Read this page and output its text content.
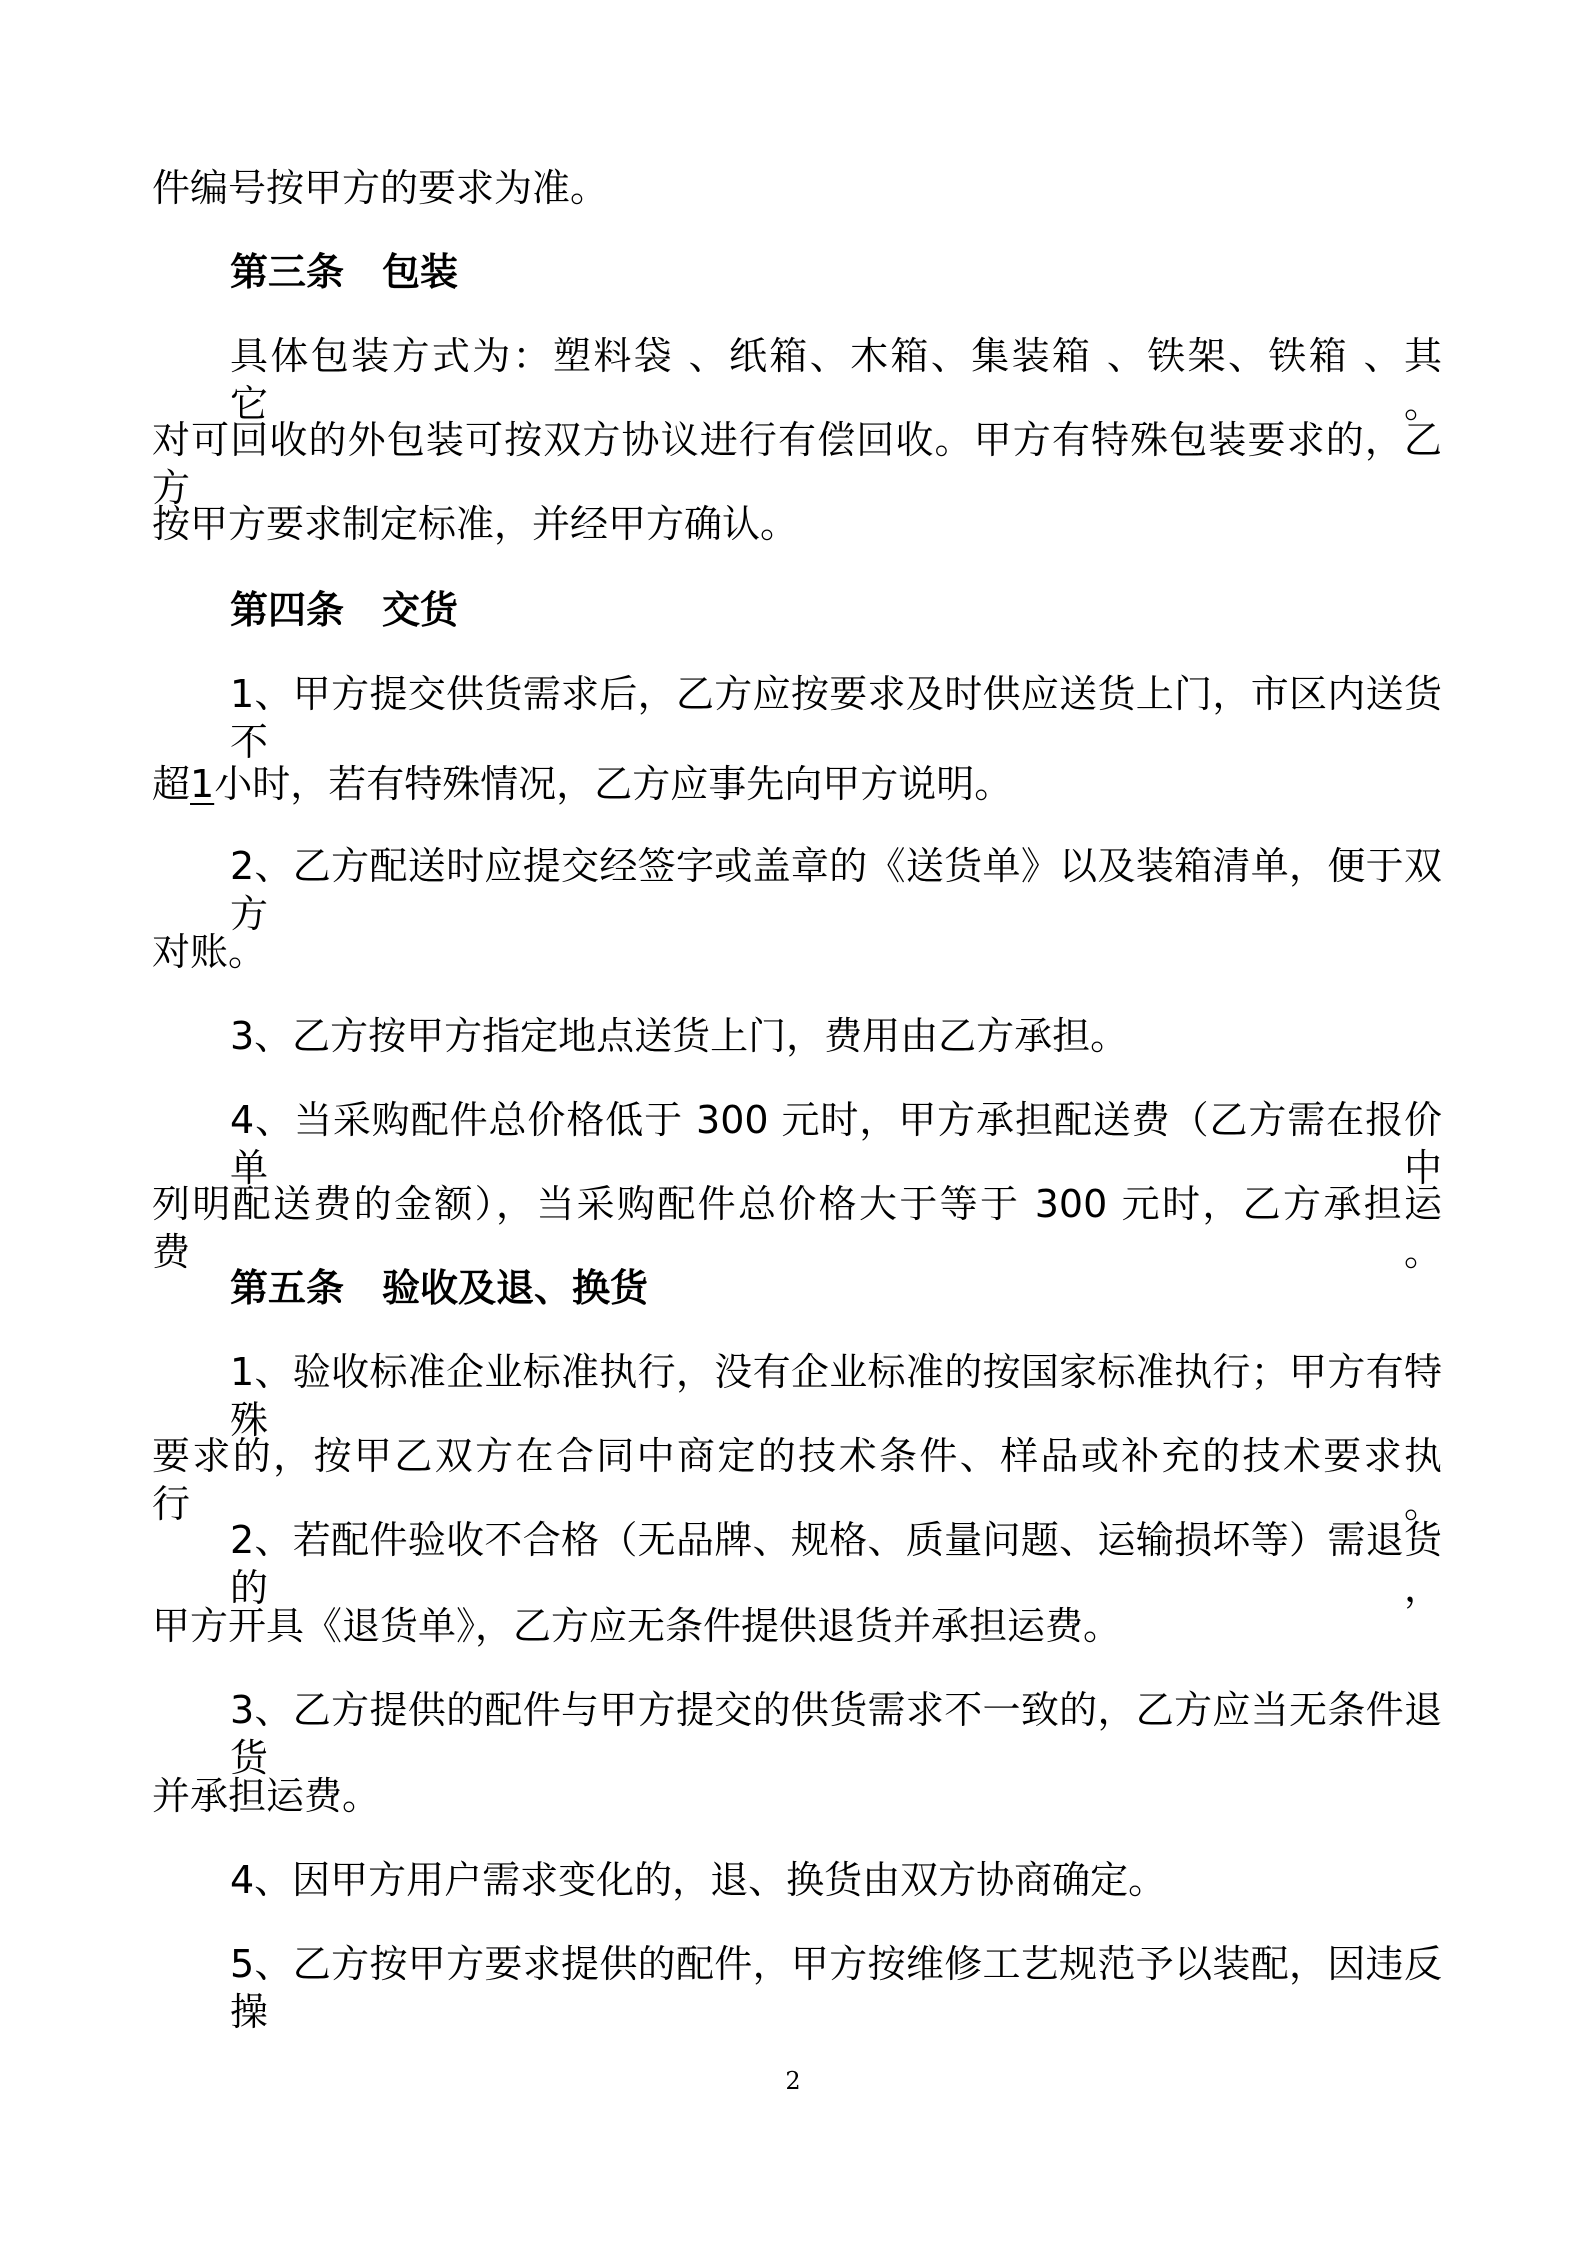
件编号按甲方的要求为准。
第三条 包装
具体包装方式为：塑料袋 、纸箱、木箱、集装箱 、铁架、铁箱 、其它。
对可回收的外包装可按双方协议进行有偿回收。甲方有特殊包装要求的，乙方
按甲方要求制定标准，并经甲方确认。
第四条 交货
1、甲方提交供货需求后，乙方应按要求及时供应送货上门，市区内送货不
超1小时，若有特殊情况，乙方应事先向甲方说明。
2、乙方配送时应提交经签字或盖章的《送货单》以及装箱清单，便于双方
对账。
3、乙方按甲方指定地点送货上门，费用由乙方承担。
4、当采购配件总价格低于 300 元时，甲方承担配送费（乙方需在报价单中
列明配送费的金额），当采购配件总价格大于等于 300 元时，乙方承担运费。
第五条 验收及退、换货
1、验收标准企业标准执行，没有企业标准的按国家标准执行；甲方有特殊
要求的，按甲乙双方在合同中商定的技术条件、样品或补充的技术要求执行。
2、若配件验收不合格（无品牌、规格、质量问题、运输损坏等）需退货的，
甲方开具《退货单》，乙方应无条件提供退货并承担运费。
3、乙方提供的配件与甲方提交的供货需求不一致的，乙方应当无条件退货
并承担运费。
4、因甲方用户需求变化的，退、换货由双方协商确定。
5、乙方按甲方要求提供的配件，甲方按维修工艺规范予以装配，因违反操
2
